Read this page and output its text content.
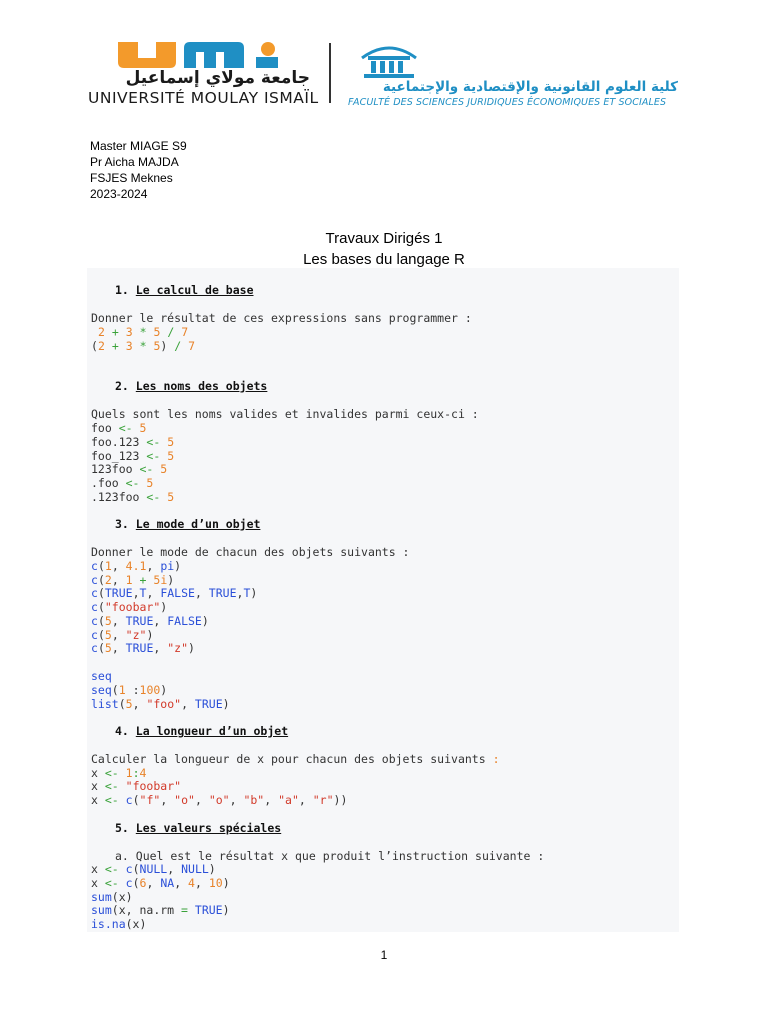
جامعة مولاي إسماعيل
UNIVERSITÉ MOULAY ISMAÏL
كلية العلوم القانونية والإقتصادية والإجتماعية
FACULTÉ DES SCIENCES JURIDIQUES ÉCONOMIQUES ET SOCIALES
Master MIAGE S9
Pr Aicha MAJDA
FSJES Meknes
2023-2024
Travaux Dirigés 1
Les bases du langage R
1. Le calcul de base
Donner le résultat de ces expressions sans programmer :
2 + 3 * 5 / 7
(2 + 3 * 5) / 7
2. Les noms des objets
Quels sont les noms valides et invalides parmi ceux-ci :
foo <- 5
foo.123 <- 5
foo_123 <- 5
123foo <- 5
.foo <- 5
.123foo <- 5
3. Le mode d’un objet
Donner le mode de chacun des objets suivants :
c(1, 4.1, pi)
c(2, 1 + 5i)
c(TRUE,T, FALSE, TRUE,T)
c("foobar")
c(5, TRUE, FALSE)
c(5, "z")
c(5, TRUE, "z")
seq
seq(1 :100)
list(5, "foo", TRUE)
4. La longueur d’un objet
Calculer la longueur de x pour chacun des objets suivants :
x <- 1:4
x <- "foobar"
x <- c("f", "o", "o", "b", "a", "r"))
5. Les valeurs spéciales
a. Quel est le résultat x que produit l’instruction suivante :
x <- c(NULL, NULL)
x <- c(6, NA, 4, 10)
sum(x)
sum(x, na.rm = TRUE)
is.na(x)
1
